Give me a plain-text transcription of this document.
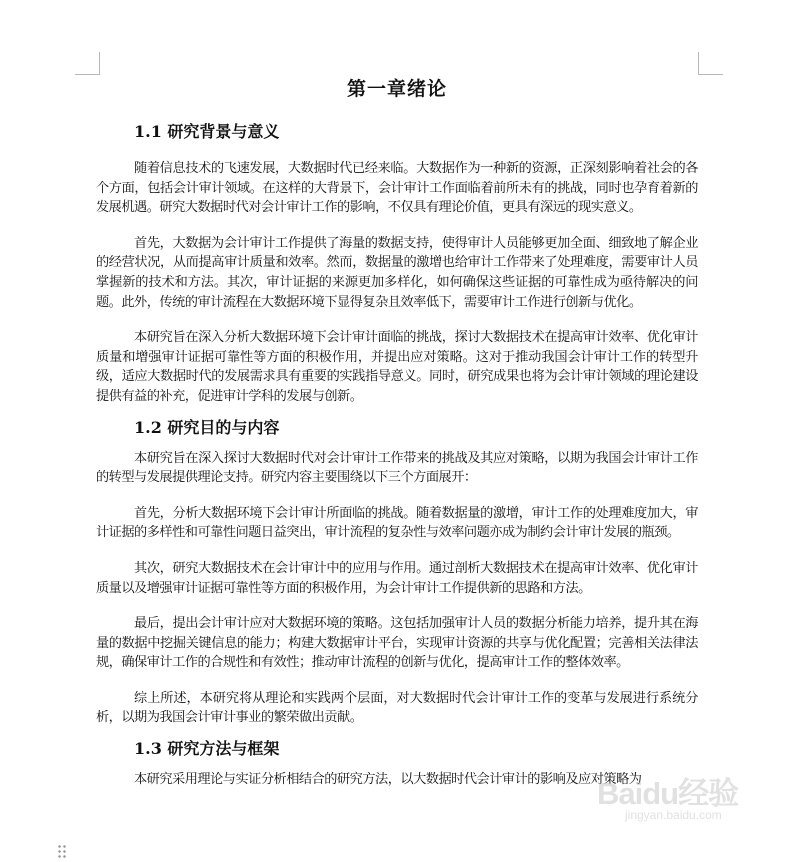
第一章绪论
1.1 研究背景与意义

随着信息技术的飞速发展，大数据时代已经来临。大数据作为一种新的资源，正深刻影响着社会的各个方面，包括会计审计领域。在这样的大背景下，会计审计工作面临着前所未有的挑战，同时也孕育着新的发展机遇。研究大数据时代对会计审计工作的影响，不仅具有理论价值，更具有深远的现实意义。

首先，大数据为会计审计工作提供了海量的数据支持，使得审计人员能够更加全面、细致地了解企业的经营状况，从而提高审计质量和效率。然而，数据量的激增也给审计工作带来了处理难度，需要审计人员掌握新的技术和方法。其次，审计证据的来源更加多样化，如何确保这些证据的可靠性成为亟待解决的问题。此外，传统的审计流程在大数据环境下显得复杂且效率低下，需要审计工作进行创新与优化。

本研究旨在深入分析大数据环境下会计审计面临的挑战，探讨大数据技术在提高审计效率、优化审计质量和增强审计证据可靠性等方面的积极作用，并提出应对策略。这对于推动我国会计审计工作的转型升级，适应大数据时代的发展需求具有重要的实践指导意义。同时，研究成果也将为会计审计领域的理论建设提供有益的补充，促进审计学科的发展与创新。

1.2 研究目的与内容

本研究旨在深入探讨大数据时代对会计审计工作带来的挑战及其应对策略，以期为我国会计审计工作的转型与发展提供理论支持。研究内容主要围绕以下三个方面展开：

首先，分析大数据环境下会计审计所面临的挑战。随着数据量的激增，审计工作的处理难度加大，审计证据的多样性和可靠性问题日益突出，审计流程的复杂性与效率问题亦成为制约会计审计发展的瓶颈。

其次，研究大数据技术在会计审计中的应用与作用。通过剖析大数据技术在提高审计效率、优化审计质量以及增强审计证据可靠性等方面的积极作用，为会计审计工作提供新的思路和方法。

最后，提出会计审计应对大数据环境的策略。这包括加强审计人员的数据分析能力培养，提升其在海量的数据中挖掘关键信息的能力；构建大数据审计平台，实现审计资源的共享与优化配置；完善相关法律法规，确保审计工作的合规性和有效性；推动审计流程的创新与优化，提高审计工作的整体效率。

综上所述，本研究将从理论和实践两个层面，对大数据时代会计审计工作的变革与发展进行系统分析，以期为我国会计审计事业的繁荣做出贡献。

1.3 研究方法与框架

本研究采用理论与实证分析相结合的研究方法，以大数据时代会计审计的影响及应对策略为

Baidu经验
jingyan.baidu.com
